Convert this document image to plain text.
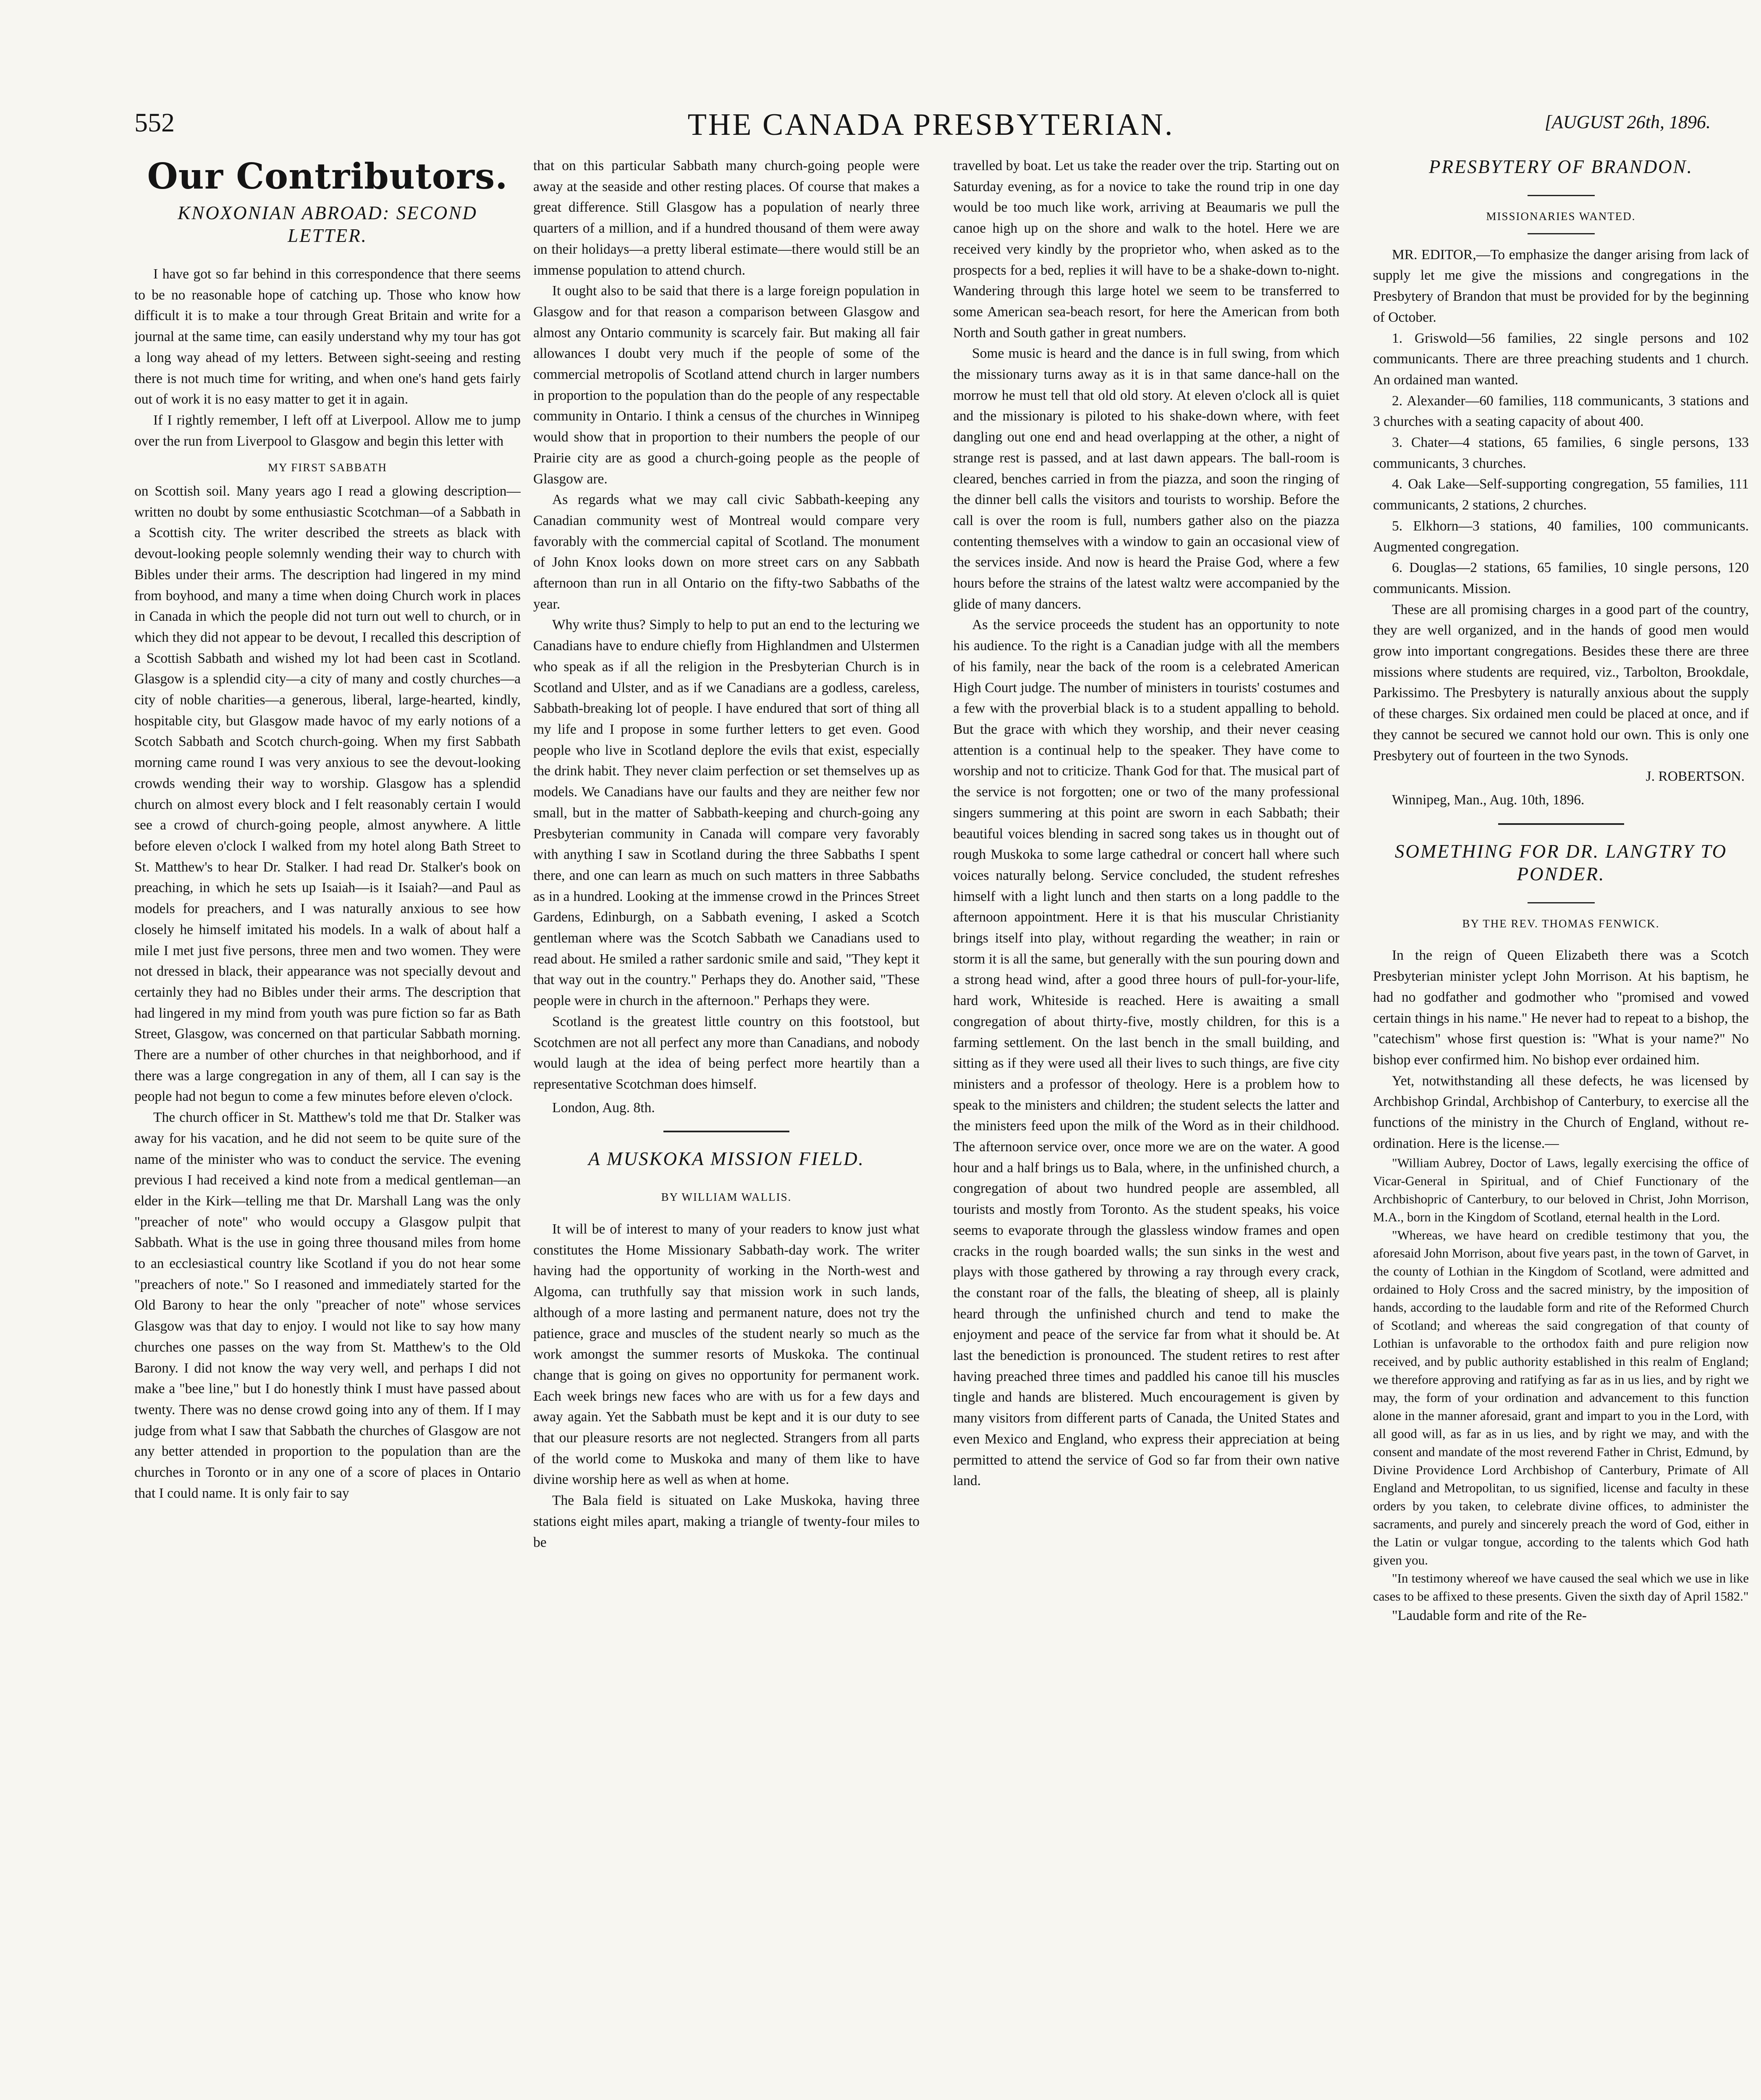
552	THE CANADA PRESBYTERIAN.	[AUGUST 26th, 1896.
Our Contributors.
KNOXONIAN ABROAD: SECOND LETTER.

I have got so far behind in this correspondence that there seems to be no reasonable hope of catching up. Those who know how difficult it is to make a tour through Great Britain and write for a journal at the same time, can easily understand why my tour has got a long way ahead of my letters. Between sight-seeing and resting there is not much time for writing, and when one's hand gets fairly out of work it is no easy matter to get it in again.

If I rightly remember, I left off at Liverpool. Allow me to jump over the run from Liverpool to Glasgow and begin this letter with

MY FIRST SABBATH

on Scottish soil. Many years ago I read a glowing description—written no doubt by some enthusiastic Scotchman—of a Sabbath in a Scottish city. The writer described the streets as black with devout-looking people solemnly wending their way to church with Bibles under their arms. The description had lingered in my mind from boyhood, and many a time when doing Church work in places in Canada in which the people did not turn out well to church, or in which they did not appear to be devout, I recalled this description of a Scottish Sabbath and wished my lot had been cast in Scotland. Glasgow is a splendid city—a city of many and costly churches—a city of noble charities—a generous, liberal, large-hearted, kindly, hospitable city, but Glasgow made havoc of my early notions of a Scotch Sabbath and Scotch church-going. When my first Sabbath morning came round I was very anxious to see the devout-looking crowds wending their way to worship. Glasgow has a splendid church on almost every block and I felt reasonably certain I would see a crowd of church-going people, almost anywhere. A little before eleven o'clock I walked from my hotel along Bath Street to St. Matthew's to hear Dr. Stalker. I had read Dr. Stalker's book on preaching, in which he sets up Isaiah—is it Isaiah?—and Paul as models for preachers, and I was naturally anxious to see how closely he himself imitated his models. In a walk of about half a mile I met just five persons, three men and two women. They were not dressed in black, their appearance was not specially devout and certainly they had no Bibles under their arms. The description that had lingered in my mind from youth was pure fiction so far as Bath Street, Glasgow, was concerned on that particular Sabbath morning. There are a number of other churches in that neighborhood, and if there was a large congregation in any of them, all I can say is the people had not begun to come a few minutes before eleven o'clock.

The church officer in St. Matthew's told me that Dr. Stalker was away for his vacation, and he did not seem to be quite sure of the name of the minister who was to conduct the service. The evening previous I had received a kind note from a medical gentleman—an elder in the Kirk—telling me that Dr. Marshall Lang was the only "preacher of note" who would occupy a Glasgow pulpit that Sabbath. What is the use in going three thousand miles from home to an ecclesiastical country like Scotland if you do not hear some "preachers of note." So I reasoned and immediately started for the Old Barony to hear the only "preacher of note" whose services Glasgow was that day to enjoy. I would not like to say how many churches one passes on the way from St. Matthew's to the Old Barony. I did not know the way very well, and perhaps I did not make a "bee line," but I do honestly think I must have passed about twenty. There was no dense crowd going into any of them. If I may judge from what I saw that Sabbath the churches of Glasgow are not any better attended in proportion to the population than are the churches in Toronto or in any one of a score of places in Ontario that I could name. It is only fair to say

that on this particular Sabbath many church-going people were away at the seaside and other resting places. Of course that makes a great difference. Still Glasgow has a population of nearly three quarters of a million, and if a hundred thousand of them were away on their holidays—a pretty liberal estimate—there would still be an immense population to attend church.

It ought also to be said that there is a large foreign population in Glasgow and for that reason a comparison between Glasgow and almost any Ontario community is scarcely fair. But making all fair allowances I doubt very much if the people of some of the commercial metropolis of Scotland attend church in larger numbers in proportion to the population than do the people of any respectable community in Ontario. I think a census of the churches in Winnipeg would show that in proportion to their numbers the people of our Prairie city are as good a church-going people as the people of Glasgow are.

As regards what we may call civic Sabbath-keeping any Canadian community west of Montreal would compare very favorably with the commercial capital of Scotland. The monument of John Knox looks down on more street cars on any Sabbath afternoon than run in all Ontario on the fifty-two Sabbaths of the year.

Why write thus? Simply to help to put an end to the lecturing we Canadians have to endure chiefly from Highlandmen and Ulstermen who speak as if all the religion in the Presbyterian Church is in Scotland and Ulster, and as if we Canadians are a godless, careless, Sabbath-breaking lot of people. I have endured that sort of thing all my life and I propose in some further letters to get even. Good people who live in Scotland deplore the evils that exist, especially the drink habit. They never claim perfection or set themselves up as models. We Canadians have our faults and they are neither few nor small, but in the matter of Sabbath-keeping and church-going any Presbyterian community in Canada will compare very favorably with anything I saw in Scotland during the three Sabbaths I spent there, and one can learn as much on such matters in three Sabbaths as in a hundred. Looking at the immense crowd in the Princes Street Gardens, Edinburgh, on a Sabbath evening, I asked a Scotch gentleman where was the Scotch Sabbath we Canadians used to read about. He smiled a rather sardonic smile and said, "They kept it that way out in the country." Perhaps they do. Another said, "These people were in church in the afternoon." Perhaps they were.

Scotland is the greatest little country on this footstool, but Scotchmen are not all perfect any more than Canadians, and nobody would laugh at the idea of being perfect more heartily than a representative Scotchman does himself.

London, Aug. 8th.

A MUSKOKA MISSION FIELD.
BY WILLIAM WALLIS.

It will be of interest to many of your readers to know just what constitutes the Home Missionary Sabbath-day work. The writer having had the opportunity of working in the North-west and Algoma, can truthfully say that mission work in such lands, although of a more lasting and permanent nature, does not try the patience, grace and muscles of the student nearly so much as the work amongst the summer resorts of Muskoka. The continual change that is going on gives no opportunity for permanent work. Each week brings new faces who are with us for a few days and away again. Yet the Sabbath must be kept and it is our duty to see that our pleasure resorts are not neglected. Strangers from all parts of the world come to Muskoka and many of them like to have divine worship here as well as when at home.

The Bala field is situated on Lake Muskoka, having three stations eight miles apart, making a triangle of twenty-four miles to be

travelled by boat. Let us take the reader over the trip. Starting out on Saturday evening, as for a novice to take the round trip in one day would be too much like work, arriving at Beaumaris we pull the canoe high up on the shore and walk to the hotel. Here we are received very kindly by the proprietor who, when asked as to the prospects for a bed, replies it will have to be a shake-down to-night. Wandering through this large hotel we seem to be transferred to some American sea-beach resort, for here the American from both North and South gather in great numbers.

Some music is heard and the dance is in full swing, from which the missionary turns away as it is in that same dance-hall on the morrow he must tell that old old story. At eleven o'clock all is quiet and the missionary is piloted to his shake-down where, with feet dangling out one end and head overlapping at the other, a night of strange rest is passed, and at last dawn appears. The ball-room is cleared, benches carried in from the piazza, and soon the ringing of the dinner bell calls the visitors and tourists to worship. Before the call is over the room is full, numbers gather also on the piazza contenting themselves with a window to gain an occasional view of the services inside. And now is heard the Praise God, where a few hours before the strains of the latest waltz were accompanied by the glide of many dancers.

As the service proceeds the student has an opportunity to note his audience. To the right is a Canadian judge with all the members of his family, near the back of the room is a celebrated American High Court judge. The number of ministers in tourists' costumes and a few with the proverbial black is to a student appalling to behold. But the grace with which they worship, and their never ceasing attention is a continual help to the speaker. They have come to worship and not to criticize. Thank God for that. The musical part of the service is not forgotten; one or two of the many professional singers summering at this point are sworn in each Sabbath; their beautiful voices blending in sacred song takes us in thought out of rough Muskoka to some large cathedral or concert hall where such voices naturally belong. Service concluded, the student refreshes himself with a light lunch and then starts on a long paddle to the afternoon appointment. Here it is that his muscular Christianity brings itself into play, without regarding the weather; in rain or storm it is all the same, but generally with the sun pouring down and a strong head wind, after a good three hours of pull-for-your-life, hard work, Whiteside is reached. Here is awaiting a small congregation of about thirty-five, mostly children, for this is a farming settlement. On the last bench in the small building, and sitting as if they were used all their lives to such things, are five city ministers and a professor of theology. Here is a problem how to speak to the ministers and children; the student selects the latter and the ministers feed upon the milk of the Word as in their childhood. The afternoon service over, once more we are on the water. A good hour and a half brings us to Bala, where, in the unfinished church, a congregation of about two hundred people are assembled, all tourists and mostly from Toronto. As the student speaks, his voice seems to evaporate through the glassless window frames and open cracks in the rough boarded walls; the sun sinks in the west and plays with those gathered by throwing a ray through every crack, the constant roar of the falls, the bleating of sheep, all is plainly heard through the unfinished church and tend to make the enjoyment and peace of the service far from what it should be. At last the benediction is pronounced. The student retires to rest after having preached three times and paddled his canoe till his muscles tingle and hands are blistered. Much encouragement is given by many visitors from different parts of Canada, the United States and even Mexico and England, who express their appreciation at being permitted to attend the service of God so far from their own native land.

PRESBYTERY OF BRANDON.
MISSIONARIES WANTED.

MR. EDITOR,—To emphasize the danger arising from lack of supply let me give the missions and congregations in the Presbytery of Brandon that must be provided for by the beginning of October.

1. Griswold—56 families, 22 single persons and 102 communicants. There are three preaching students and 1 church. An ordained man wanted.

2. Alexander—60 families, 118 communicants, 3 stations and 3 churches with a seating capacity of about 400.

3. Chater—4 stations, 65 families, 6 single persons, 133 communicants, 3 churches.

4. Oak Lake—Self-supporting congregation, 55 families, 111 communicants, 2 stations, 2 churches.

5. Elkhorn—3 stations, 40 families, 100 communicants. Augmented congregation.

6. Douglas—2 stations, 65 families, 10 single persons, 120 communicants. Mission.

These are all promising charges in a good part of the country, they are well organized, and in the hands of good men would grow into important congregations. Besides these there are three missions where students are required, viz., Tarbolton, Brookdale, Parkissimo. The Presbytery is naturally anxious about the supply of these charges. Six ordained men could be placed at once, and if they cannot be secured we cannot hold our own. This is only one Presbytery out of fourteen in the two Synods.

J. ROBERTSON.

Winnipeg, Man., Aug. 10th, 1896.

SOMETHING FOR DR. LANGTRY TO PONDER.
BY THE REV. THOMAS FENWICK.

In the reign of Queen Elizabeth there was a Scotch Presbyterian minister yclept John Morrison. At his baptism, he had no godfather and godmother who "promised and vowed certain things in his name." He never had to repeat to a bishop, the "catechism" whose first question is: "What is your name?" No bishop ever confirmed him. No bishop ever ordained him.

Yet, notwithstanding all these defects, he was licensed by Archbishop Grindal, Archbishop of Canterbury, to exercise all the functions of the ministry in the Church of England, without re-ordination. Here is the license.—

"William Aubrey, Doctor of Laws, legally exercising the office of Vicar-General in Spiritual, and of Chief Functionary of the Archbishopric of Canterbury, to our beloved in Christ, John Morrison, M.A., born in the Kingdom of Scotland, eternal health in the Lord.

"Whereas, we have heard on credible testimony that you, the aforesaid John Morrison, about five years past, in the town of Garvet, in the county of Lothian in the Kingdom of Scotland, were admitted and ordained to Holy Cross and the sacred ministry, by the imposition of hands, according to the laudable form and rite of the Reformed Church of Scotland; and whereas the said congregation of that county of Lothian is unfavorable to the orthodox faith and pure religion now received, and by public authority established in this realm of England; we therefore approving and ratifying as far as in us lies, and by right we may, the form of your ordination and advancement to this function alone in the manner aforesaid, grant and impart to you in the Lord, with all good will, as far as in us lies, and by right we may, and with the consent and mandate of the most reverend Father in Christ, Edmund, by Divine Providence Lord Archbishop of Canterbury, Primate of All England and Metropolitan, to us signified, license and faculty in these orders by you taken, to celebrate divine offices, to administer the sacraments, and purely and sincerely preach the word of God, either in the Latin or vulgar tongue, according to the talents which God hath given you.

"In testimony whereof we have caused the seal which we use in like cases to be affixed to these presents. Given the sixth day of April 1582."

"Laudable form and rite of the Re-
